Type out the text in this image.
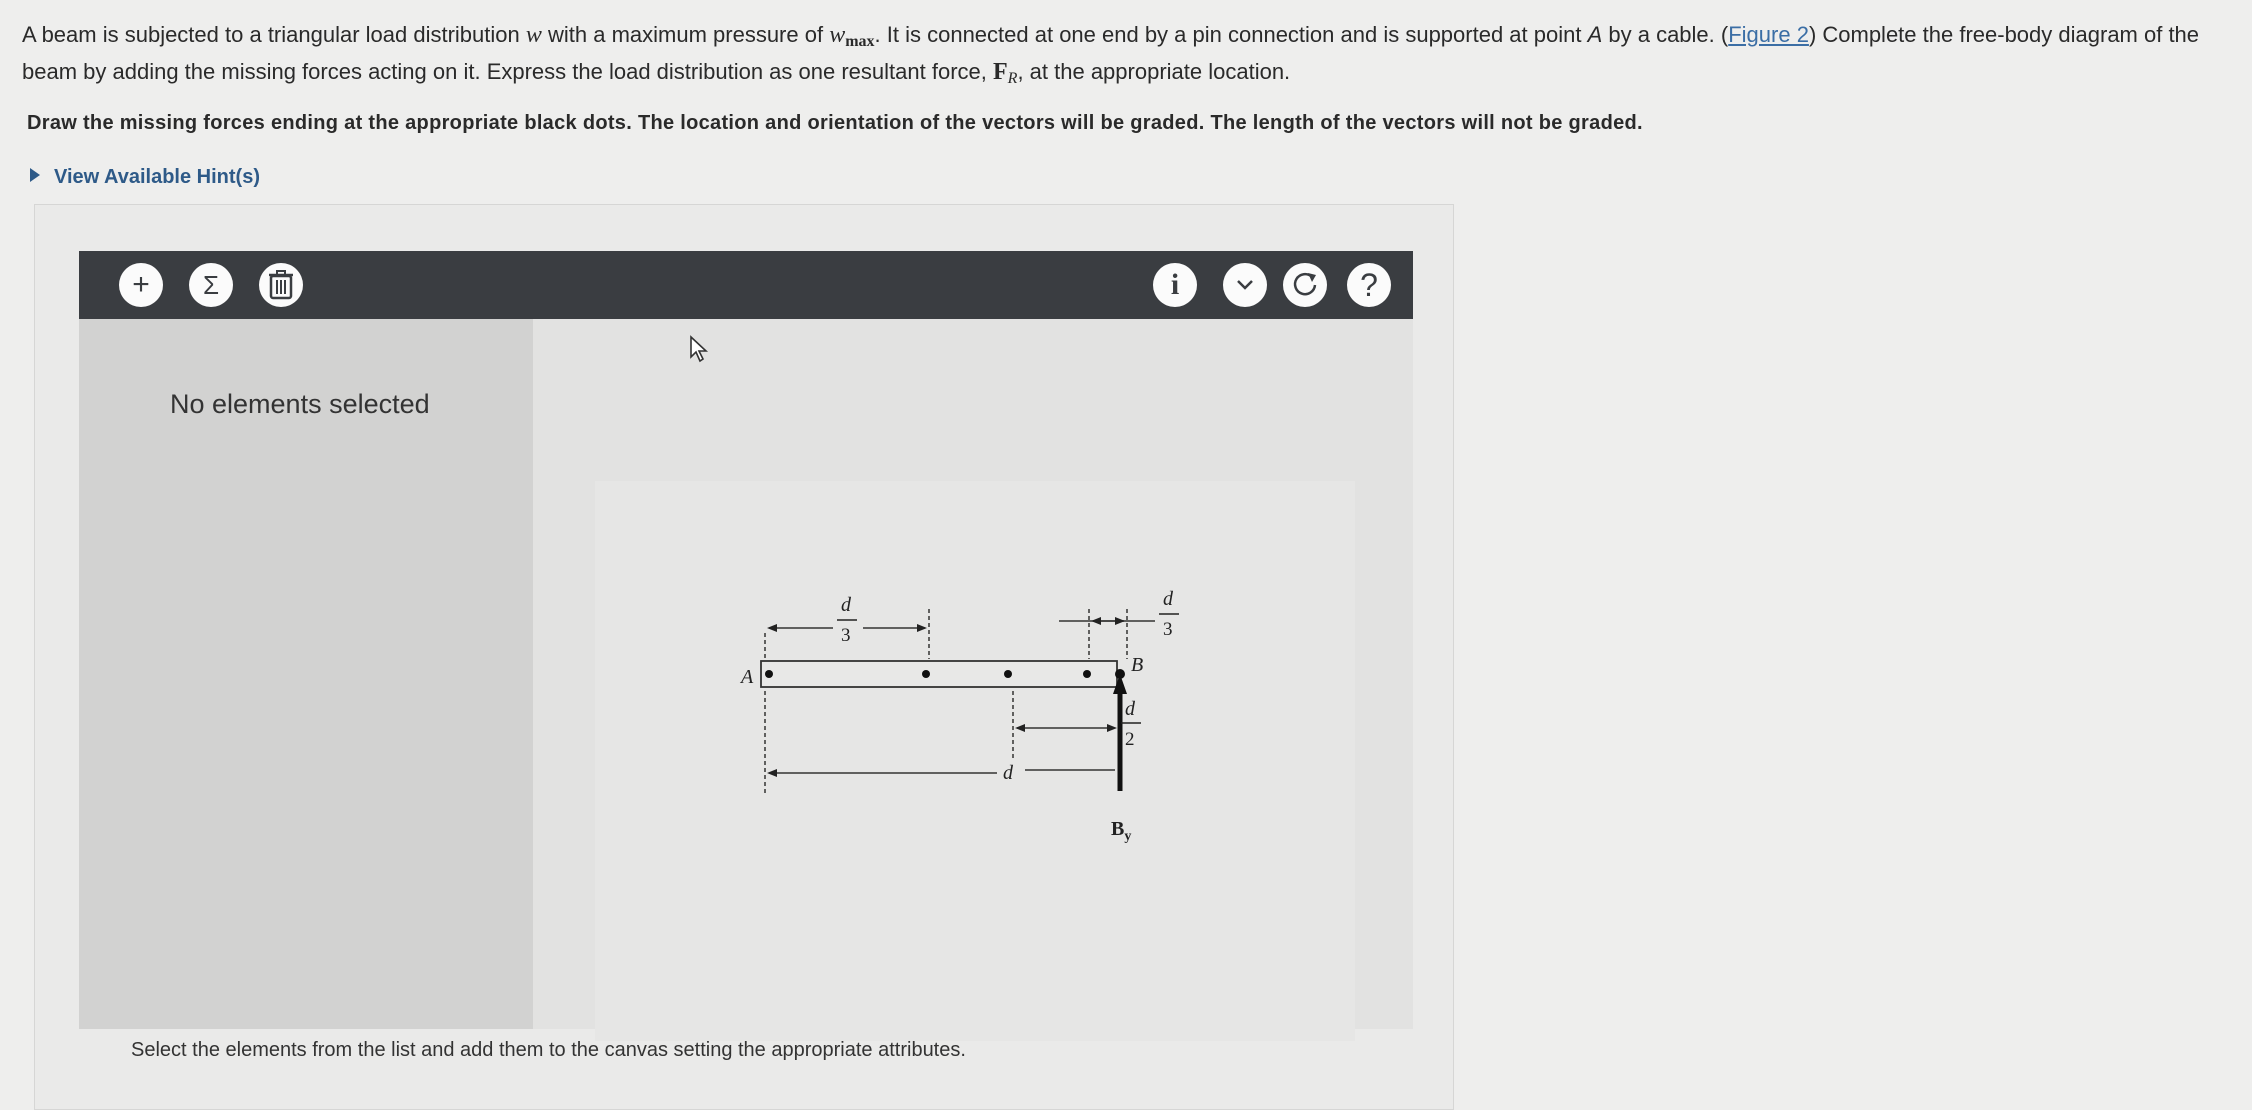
A beam is subjected to a triangular load distribution w with a maximum pressure of $w_{max}$. It is connected at one end by a pin connection and is supported at point A by a cable. (Figure 2) Complete the free-body diagram of the beam by adding the missing forces acting on it. Express the load distribution as one resultant force, $F_R$, at the appropriate location.

Draw the missing forces ending at the appropriate black dots. The location and orientation of the vectors will be graded. The length of the vectors will not be graded.
View Available Hint(s)
+ Σ	i	?
No elements selected
A
B
$B_y$
d
3
d
3
d
2
d
Select the elements from the list and add them to the canvas setting the appropriate attributes.
